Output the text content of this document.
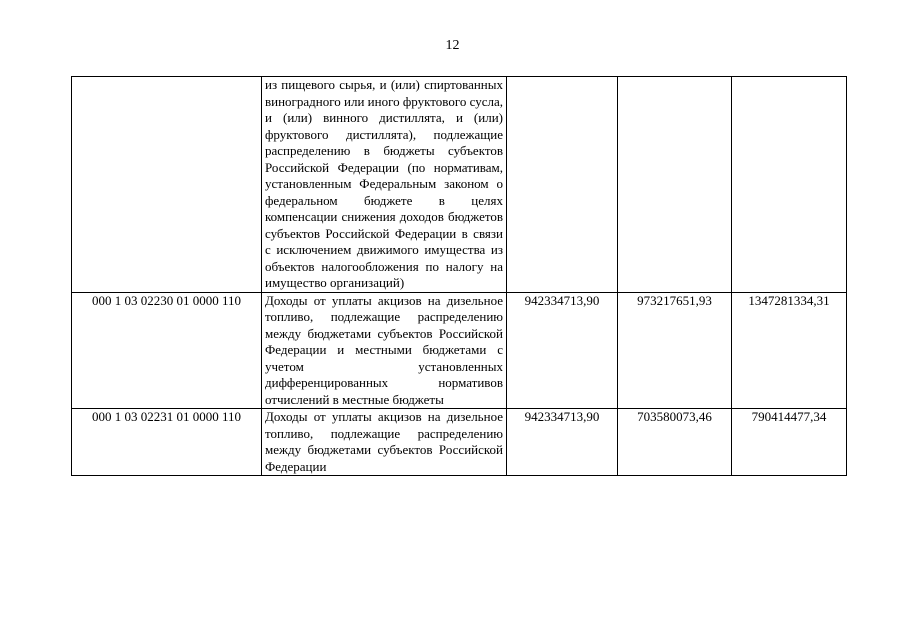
12
	из пищевого сырья, и (или) спиртованных виноградного или иного фруктового сусла, и (или) винного дистиллята, и (или) фруктового дистиллята), подлежащие распределению в бюджеты субъектов Российской Федерации (по нормативам, установленным Федеральным законом о федеральном бюджете в целях компенсации снижения доходов бюджетов субъектов Российской Федерации в связи с исключением движимого имущества из объектов налогообложения по налогу на имущество организаций)			
000 1 03 02230 01 0000 110	Доходы от уплаты акцизов на дизельное топливо, подлежащие распределению между бюджетами субъектов Российской Федерации и местными бюджетами с учетом установленных дифференцированных нормативов отчислений в местные бюджеты	942334713,90	973217651,93	1347281334,31
000 1 03 02231 01 0000 110	Доходы от уплаты акцизов на дизельное топливо, подлежащие распределению между бюджетами субъектов Российской Федерации	942334713,90	703580073,46	790414477,34
